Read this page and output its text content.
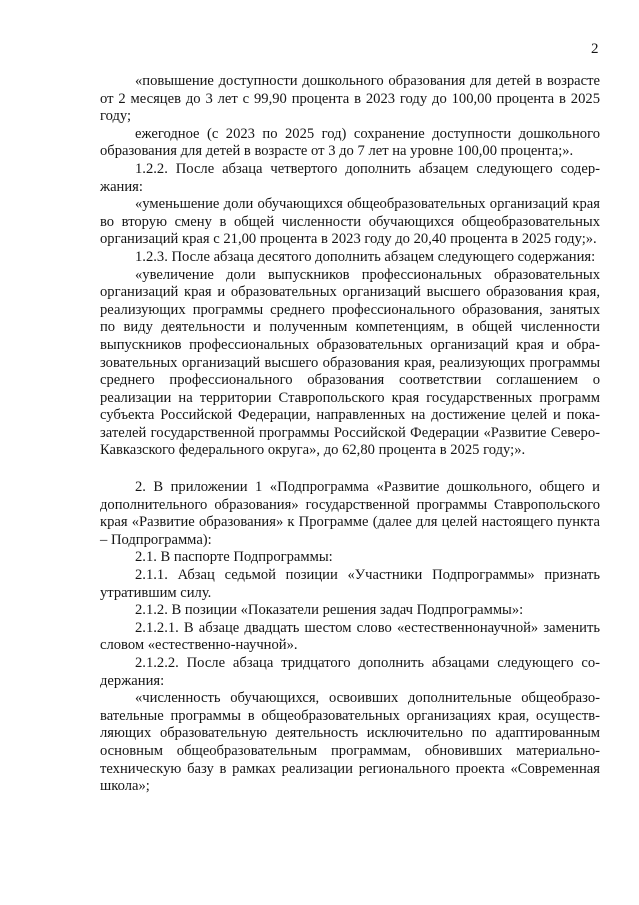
2

«повышение доступности дошкольного образования для детей в возрасте от 2 месяцев до 3 лет с 99,90 процента в 2023 году до 100,00 процента в 2025 году;

ежегодное (с 2023 по 2025 год) сохранение доступности дошкольного образования для детей в возрасте от 3 до 7 лет на уровне 100,00 процента;».

1.2.2. После абзаца четвертого дополнить абзацем следующего содержания:

«уменьшение доли обучающихся общеобразовательных организаций края во вторую смену в общей численности обучающихся общеобразовательных организаций края с 21,00 процента в 2023 году до 20,40 процента в 2025 году;».

1.2.3. После абзаца десятого дополнить абзацем следующего содержания:

«увеличение доли выпускников профессиональных образовательных организаций края и образовательных организаций высшего образования края, реализующих программы среднего профессионального образования, занятых по виду деятельности и полученным компетенциям, в общей численности выпускников профессиональных образовательных организаций края и образовательных организаций высшего образования края, реализующих программы среднего профессионального образования соответствии соглашением о реализации на территории Ставропольского края государственных программ субъекта Российской Федерации, направленных на достижение целей и показателей государственной программы Российской Федерации «Развитие Северо-Кавказского федерального округа», до 62,80 процента в 2025 году;».

2. В приложении 1 «Подпрограмма «Развитие дошкольного, общего и дополнительного образования» государственной программы Ставропольского края «Развитие образования» к Программе (далее для целей настоящего пункта – Подпрограмма):

2.1. В паспорте Подпрограммы:

2.1.1. Абзац седьмой позиции «Участники Подпрограммы» признать утратившим силу.

2.1.2. В позиции «Показатели решения задач Подпрограммы»:

2.1.2.1. В абзаце двадцать шестом слово «естественнонаучной» заменить словом «естественно-научной».

2.1.2.2. После абзаца тридцатого дополнить абзацами следующего содержания:

«численность обучающихся, освоивших дополнительные общеобразовательные программы в общеобразовательных организациях края, осуществляющих образовательную деятельность исключительно по адаптированным основным общеобразовательным программам, обновивших материально-техническую базу в рамках реализации регионального проекта «Современная школа»;
